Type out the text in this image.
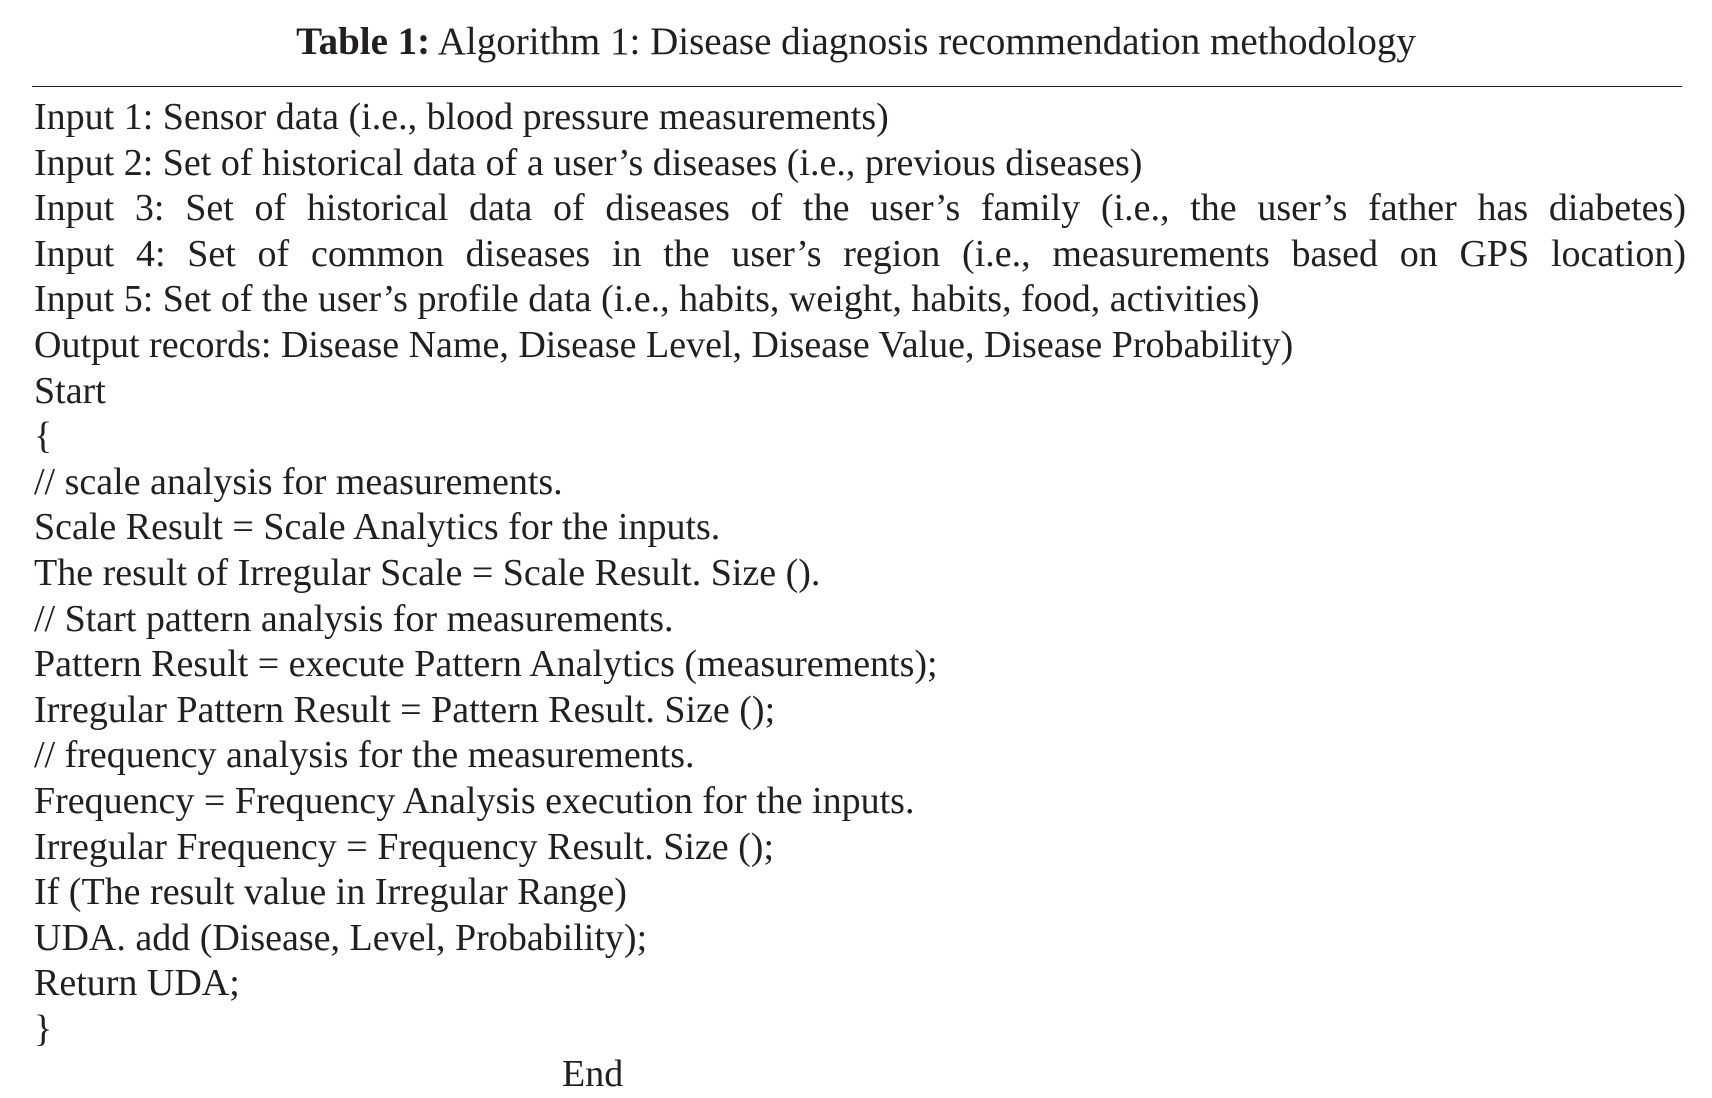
Table 1: Algorithm 1: Disease diagnosis recommendation methodology
Input 1: Sensor data (i.e., blood pressure measurements)
Input 2: Set of historical data of a user’s diseases (i.e., previous diseases)
Input 3: Set of historical data of diseases of the user’s family (i.e., the user’s father has diabetes)
Input 4: Set of common diseases in the user’s region (i.e., measurements based on GPS location)
Input 5: Set of the user’s profile data (i.e., habits, weight, habits, food, activities)
Output records: Disease Name, Disease Level, Disease Value, Disease Probability)
Start
{
// scale analysis for measurements.
Scale Result = Scale Analytics for the inputs.
The result of Irregular Scale = Scale Result. Size ().
// Start pattern analysis for measurements.
Pattern Result = execute Pattern Analytics (measurements);
Irregular Pattern Result = Pattern Result. Size ();
// frequency analysis for the measurements.
Frequency = Frequency Analysis execution for the inputs.
Irregular Frequency = Frequency Result. Size ();
If (The result value in Irregular Range)
UDA. add (Disease, Level, Probability);
Return UDA;
}
End
